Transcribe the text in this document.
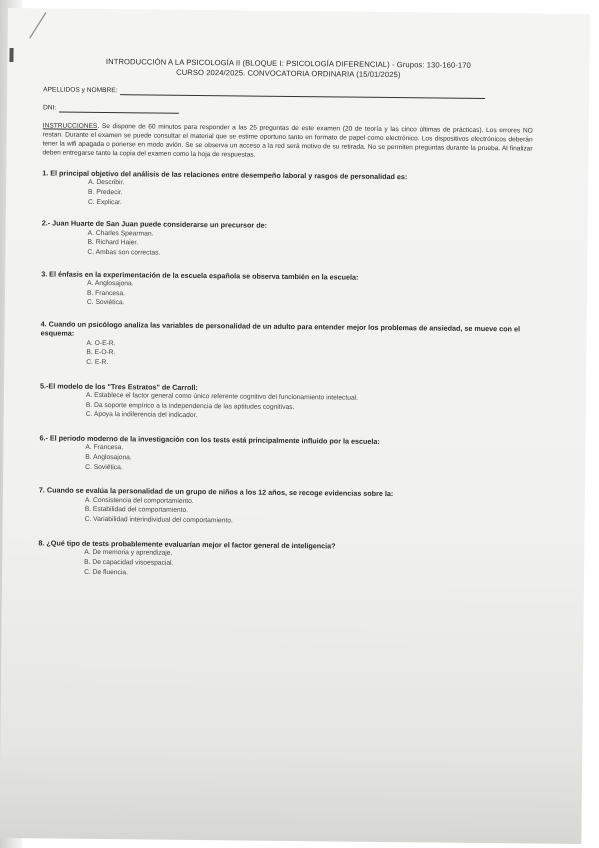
INTRODUCCIÓN A LA PSICOLOGÍA II (BLOQUE I: PSICOLOGÍA DIFERENCIAL) - Grupos: 130-160-170
CURSO 2024/2025. CONVOCATORIA ORDINARIA (15/01/2025)
APELLIDOS y NOMBRE:
DNI:
INSTRUCCIONES. Se dispone de 60 minutos para responder a las 25 preguntas de este examen (20 de teoría y las cinco últimas de prácticas). Los errores NO restan. Durante el examen se puede consultar el material que se estime oportuno tanto en formato de papel como electrónico. Los dispositivos electrónicos deberán tener la wifi apagada o ponerse en modo avión. Se se observa un acceso a la red será motivo de su retirada. No se permiten preguntas durante la prueba. Al finalizar deben entregarse tanto la copia del examen como la hoja de respuestas.
1. El principal objetivo del análisis de las relaciones entre desempeño laboral y rasgos de personalidad es:
A. Describir.
B. Predecir.
C. Explicar.
2.- Juan Huarte de San Juan puede considerarse un precursor de:
A. Charles Spearman.
B. Richard Haier.
C. Ambas son correctas.
3. El énfasis en la experimentación de la escuela española se observa también en la escuela:
A. Anglosajona.
B. Francesa.
C. Soviética.
4. Cuando un psicólogo analiza las variables de personalidad de un adulto para entender mejor los problemas de ansiedad, se mueve con el esquema:
A. O-E-R.
B. E-O-R.
C. E-R.
5.-El modelo de los "Tres Estratos" de Carroll:
A. Establece el factor general como único referente cognitivo del funcionamiento intelectual.
B. Da soporte empírico a la independencia de las aptitudes cognitivas.
C. Apoya la indiferencia del indicador.
6.- El periodo moderno de la investigación con los tests está principalmente influido por la escuela:
A. Francesa.
B. Anglosajona.
C. Soviética.
7. Cuando se evalúa la personalidad de un grupo de niños a los 12 años, se recoge evidencias sobre la:
A. Consistencia del comportamiento.
B. Estabilidad del comportamiento.
C. Variabilidad interindividual del comportamiento.
8. ¿Qué tipo de tests probablemente evaluarían mejor el factor general de inteligencia?
A. De memoria y aprendizaje.
B. De capacidad visoespacial.
C. De fluencia.
